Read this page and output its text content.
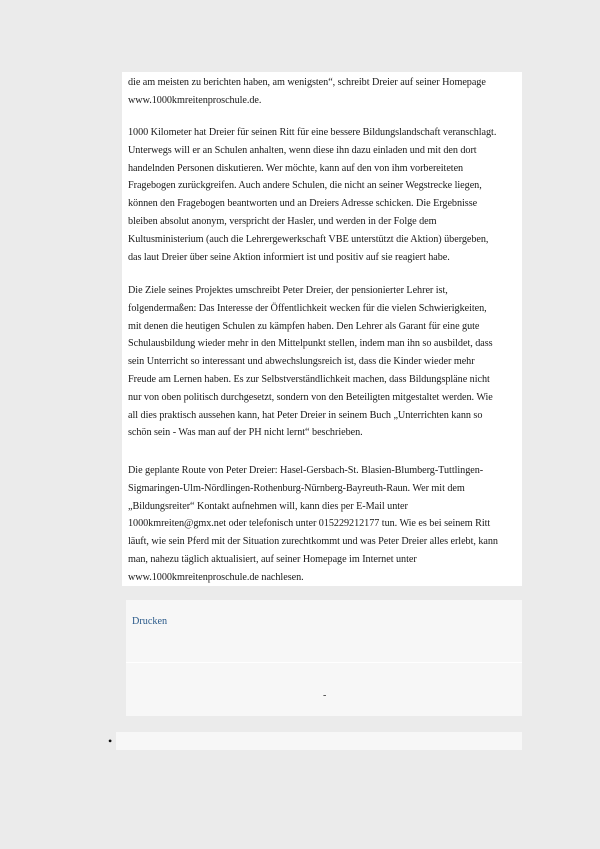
die am meisten zu berichten haben, am wenigsten“, schreibt Dreier auf seiner Homepage
www.1000kmreitenproschule.de.

1000 Kilometer hat Dreier für seinen Ritt für eine bessere Bildungslandschaft veranschlagt.
Unterwegs will er an Schulen anhalten, wenn diese ihn dazu einladen und mit den dort
handelnden Personen diskutieren. Wer möchte, kann auf den von ihm vorbereiteten
Fragebogen zurückgreifen. Auch andere Schulen, die nicht an seiner Wegstrecke liegen,
können den Fragebogen beantworten und an Dreiers Adresse schicken. Die Ergebnisse
bleiben absolut anonym, verspricht der Hasler, und werden in der Folge dem
Kultusministerium (auch die Lehrergewerkschaft VBE unterstützt die Aktion) übergeben,
das laut Dreier über seine Aktion informiert ist und positiv auf sie reagiert habe.

Die Ziele seines Projektes umschreibt Peter Dreier, der pensionierter Lehrer ist,
folgendermaßen: Das Interesse der Öffentlichkeit wecken für die vielen Schwierigkeiten,
mit denen die heutigen Schulen zu kämpfen haben. Den Lehrer als Garant für eine gute
Schulausbildung wieder mehr in den Mittelpunkt stellen, indem man ihn so ausbildet, dass
sein Unterricht so interessant und abwechslungsreich ist, dass die Kinder wieder mehr
Freude am Lernen haben. Es zur Selbstverständlichkeit machen, dass Bildungspläne nicht
nur von oben politisch durchgesetzt, sondern von den Beteiligten mitgestaltet werden. Wie
all dies praktisch aussehen kann, hat Peter Dreier in seinem Buch „Unterrichten kann so
schön sein - Was man auf der PH nicht lernt“ beschrieben.

Die geplante Route von Peter Dreier: Hasel-Gersbach-St. Blasien-Blumberg-Tuttlingen-
Sigmaringen-Ulm-Nördlingen-Rothenburg-Nürnberg-Bayreuth-Raun. Wer mit dem
„Bildungsreiter“ Kontakt aufnehmen will, kann dies per E-Mail unter
1000kmreiten@gmx.net oder telefonisch unter 015229212177 tun. Wie es bei seinem Ritt
läuft, wie sein Pferd mit der Situation zurechtkommt und was Peter Dreier alles erlebt, kann
man, nahezu täglich aktualisiert, auf seiner Homepage im Internet unter
www.1000kmreitenproschule.de nachlesen.

Drucken
-
•
